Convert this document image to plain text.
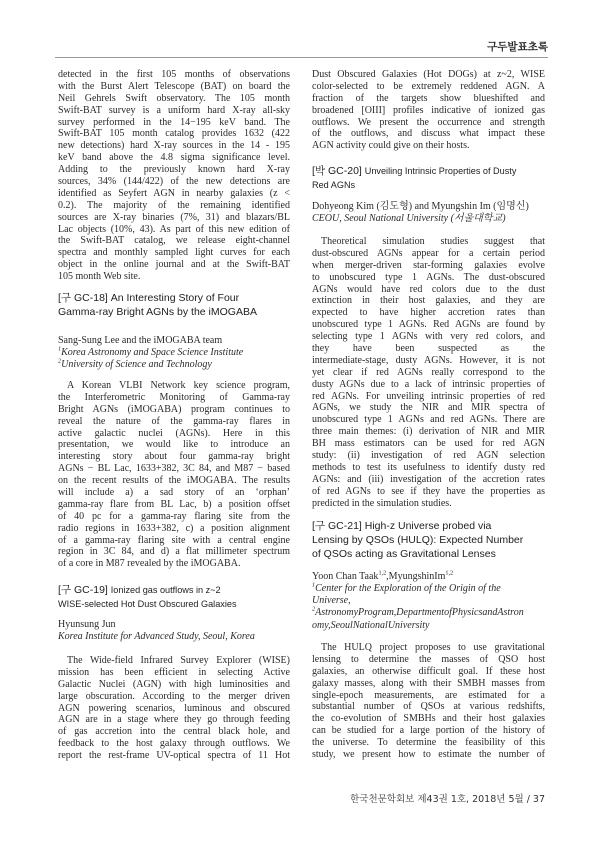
구두발표초록
detected in the first 105 months of observations
with the Burst Alert Telescope (BAT) on board the
Neil Gehrels Swift observatory. The 105 month
Swift-BAT survey is a uniform hard X-ray all-sky
survey performed in the 14−195 keV band. The
Swift-BAT 105 month catalog provides 1632 (422
new detections) hard X-ray sources in the 14 - 195
keV band above the 4.8 sigma significance level.
Adding to the previously known hard X-ray
sources, 34% (144/422) of the new detections are
identified as Seyfert AGN in nearby galaxies (z <
0.2). The majority of the remaining identified
sources are X-ray binaries (7%, 31) and blazars/BL
Lac objects (10%, 43). As part of this new edition of
the Swift-BAT catalog, we release eight-channel
spectra and monthly sampled light curves for each
object in the online journal and at the Swift-BAT
105 month Web site.
[구 GC-18] An Interesting Story of Four
Gamma-ray Bright AGNs by the iMOGABA
Sang-Sung Lee and the iMOGABA team
$^1$Korea Astronomy and Space Science Institute
$^2$University of Science and Technology
A Korean VLBI Network key science program,
the Interferometric Monitoring of Gamma-ray
Bright AGNs (iMOGABA) program continues to
reveal the nature of the gamma-ray flares in
active galactic nuclei (AGNs). Here in this
presentation, we would like to introduce an
interesting story about four gamma-ray bright
AGNs − BL Lac, 1633+382, 3C 84, and M87 − based
on the recent results of the iMOGABA. The results
will include a) a sad story of an ‘orphan’
gamma-ray flare from BL Lac, b) a position offset
of 40 pc for a gamma-ray flaring site from the
radio regions in 1633+382, c) a position alignment
of a gamma-ray flaring site with a central engine
region in 3C 84, and d) a flat millimeter spectrum
of a core in M87 revealed by the iMOGABA.
[구 GC-19] Ionized gas outflows in z~2
WISE-selected Hot Dust Obscured Galaxies
Hyunsung Jun
Korea Institute for Advanced Study, Seoul, Korea
The Wide-field Infrared Survey Explorer (WISE)
mission has been efficient in selecting Active
Galactic Nuclei (AGN) with high luminosities and
large obscuration. According to the merger driven
AGN powering scenarios, luminous and obscured
AGN are in a stage where they go through feeding
of gas accretion into the central black hole, and
feedback to the host galaxy through outflows. We
report the rest-frame UV-optical spectra of 11 Hot
Dust Obscured Galaxies (Hot DOGs) at z~2, WISE
color-selected to be extremely reddened AGN. A
fraction of the targets show blueshifted and
broadened [OIII] profiles indicative of ionized gas
outflows. We present the occurrence and strength
of the outflows, and discuss what impact these
AGN activity could give on their hosts.
[박 GC-20] Unveiling Intrinsic Properties of Dusty
Red AGNs
Dohyeong Kim (김도형) and Myungshin Im (임명신)
CEOU, Seoul National University (서울대학교)
Theoretical simulation studies suggest that
dust-obscured AGNs appear for a certain period
when merger-driven star-forming galaxies evolve
to unobscured type 1 AGNs. The dust-obscured
AGNs would have red colors due to the dust
extinction in their host galaxies, and they are
expected to have higher accretion rates than
unobscured type 1 AGNs. Red AGNs are found by
selecting type 1 AGNs with very red colors, and
they have been suspected as the
intermediate-stage, dusty AGNs. However, it is not
yet clear if red AGNs really correspond to the
dusty AGNs due to a lack of intrinsic properties of
red AGNs. For unveiling intrinsic properties of red
AGNs, we study the NIR and MIR spectra of
unobscured type 1 AGNs and red AGNs. There are
three main themes: (i) derivation of NIR and MIR
BH mass estimators can be used for red AGN
study: (ii) investigation of red AGN selection
methods to test its usefulness to identify dusty red
AGNs: and (iii) investigation of the accretion rates
of red AGNs to see if they have the properties as
predicted in the simulation studies.
[구 GC-21] High-z Universe probed via
Lensing by QSOs (HULQ): Expected Number
of QSOs acting as Gravitational Lenses
Yoon Chan Taak$^{1,2}$,MyungshinIm$^{1,2}$
$^1$Center for the Exploration of the Origin of the
Universe,
$^2$AstronomyProgram,DepartmentofPhysicsandAstron
omy,SeoulNationalUniversity
The HULQ project proposes to use gravitational
lensing to determine the masses of QSO host
galaxies, an otherwise difficult goal. If these host
galaxy masses, along with their SMBH masses from
single-epoch measurements, are estimated for a
substantial number of QSOs at various redshifts,
the co-evolution of SMBHs and their host galaxies
can be studied for a large portion of the history of
the universe. To determine the feasibility of this
study, we present how to estimate the number of
한국천문학회보 제43권 1호, 2018년 5월 / 37
